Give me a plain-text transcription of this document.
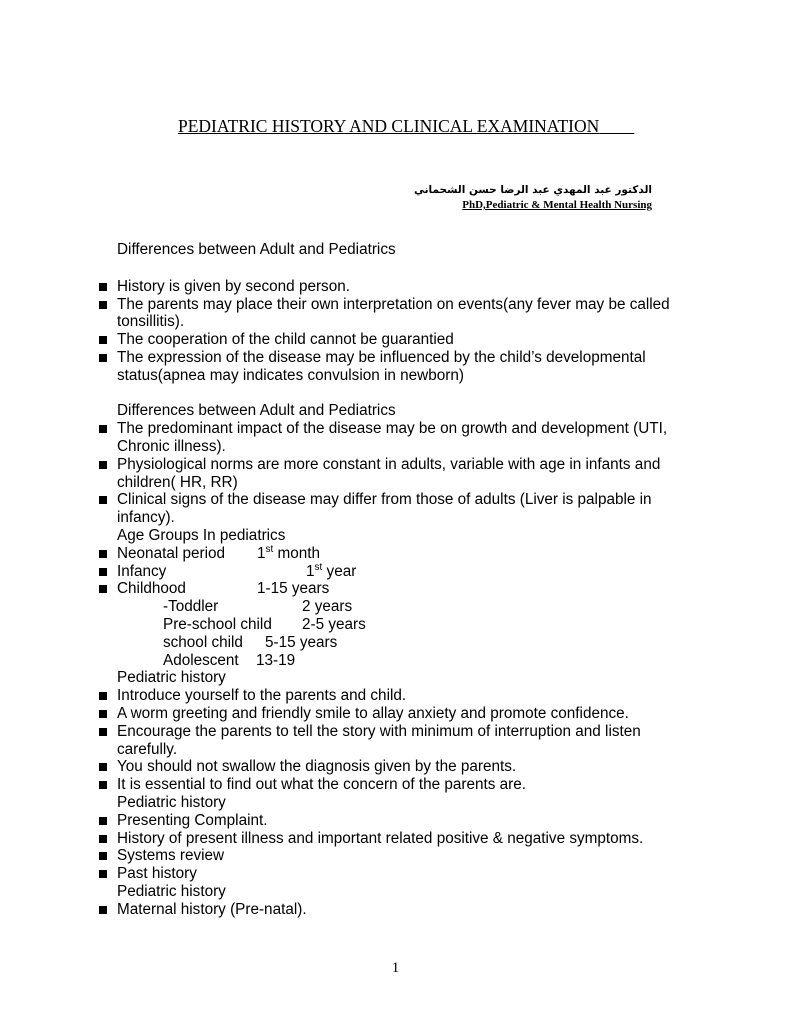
PEDIATRIC HISTORY AND CLINICAL EXAMINATION
الدكتور عبد المهدي عبد الرضا حسن الشحماني
PhD,Pediatric & Mental Health Nursing
Differences between Adult and Pediatrics
History is given by second person.
The parents may place their own interpretation on events(any fever may be called tonsillitis).
The cooperation of the child cannot be guarantied
The expression of the disease may be influenced by the child’s developmental status(apnea may indicates convulsion in newborn)
Differences between Adult and Pediatrics
The predominant impact of the disease may be on growth and development (UTI, Chronic illness).
Physiological norms are more constant in adults, variable with age in infants and children( HR, RR)
Clinical signs of the disease may differ from those of adults (Liver is palpable in infancy).
Age Groups In pediatrics
Neonatal period 1st month
Infancy	1st year
Childhood	1-15 years
-Toddler	2 years
Pre-school child 2-5 years
school child 5-15 years
Adolescent 13-19
Pediatric history
Introduce yourself to the parents and child.
A worm greeting and friendly smile to allay anxiety and promote confidence.
Encourage the parents to tell the story with minimum of interruption and listen carefully.
You should not swallow the diagnosis given by the parents.
It is essential to find out what the concern of the parents are.
Pediatric history
Presenting Complaint.
History of present illness and important related positive & negative symptoms.
Systems review
Past history
Pediatric history
Maternal history (Pre-natal).
1
